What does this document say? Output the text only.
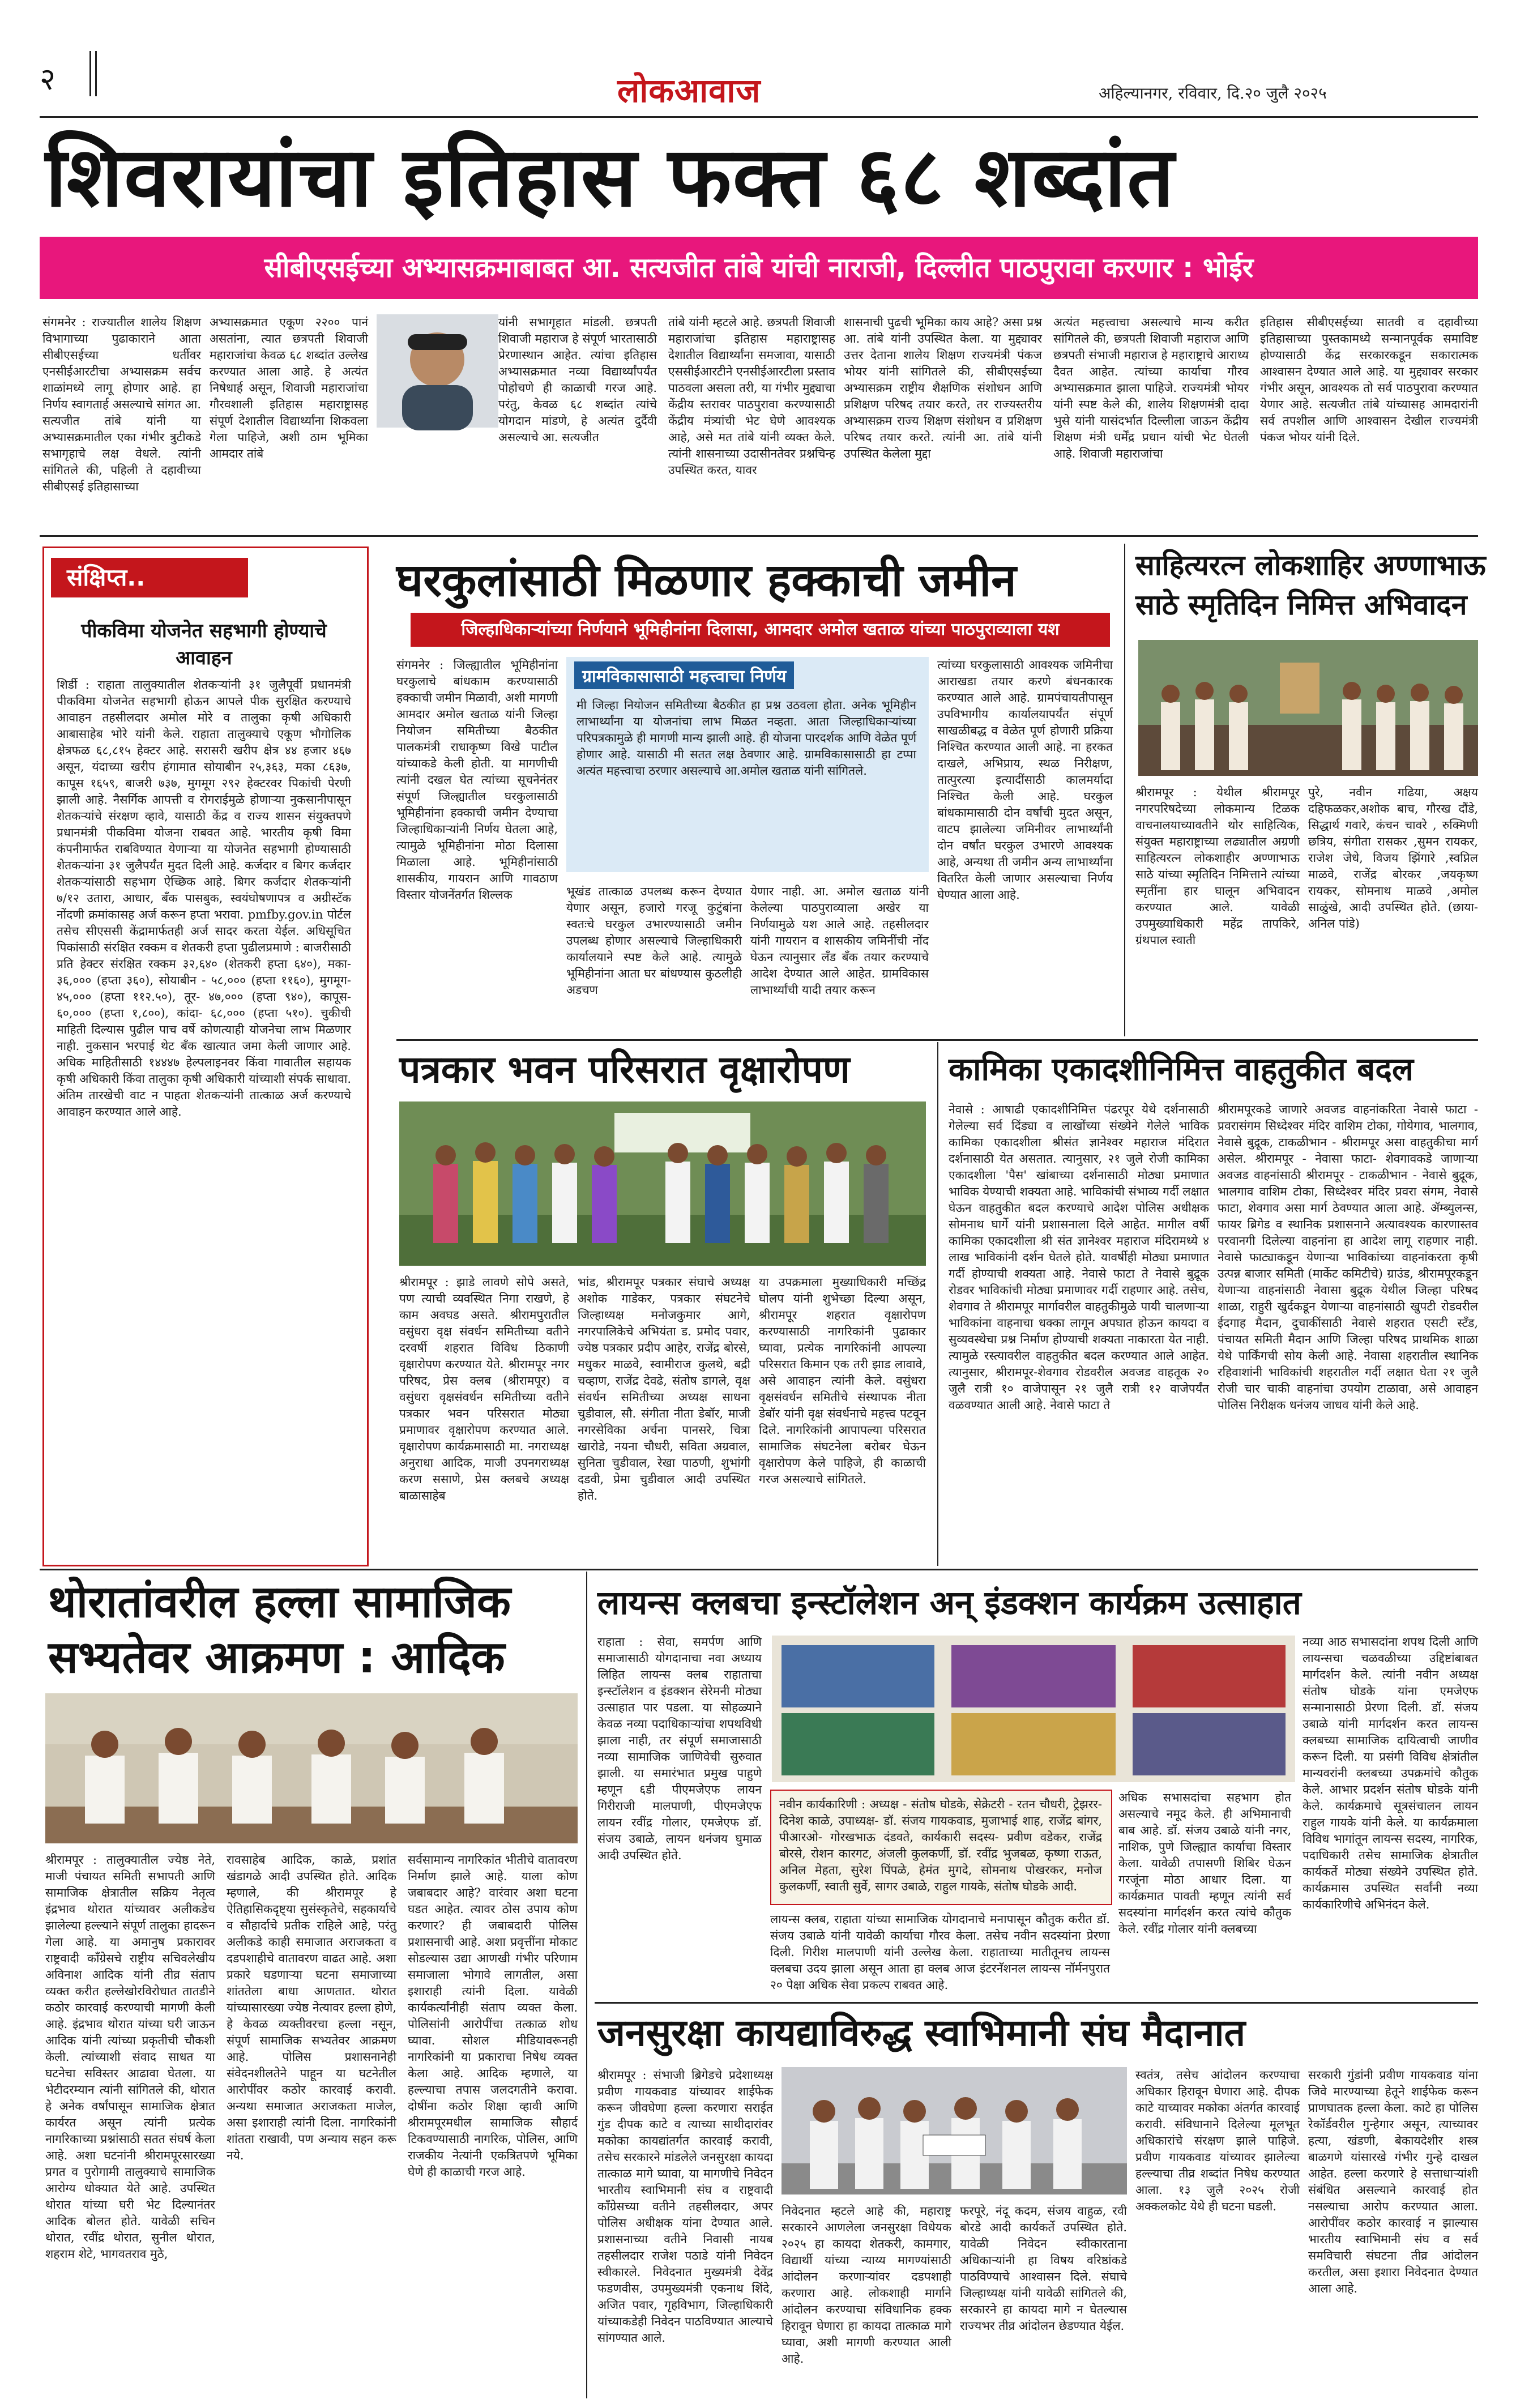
२	लोकआवाज	अहिल्यानगर, रविवार, दि.२० जुलै २०२५
शिवरायांचा इतिहास फक्त ६८ शब्दांत
सीबीएसईच्या अभ्यासक्रमाबाबत आ. सत्यजीत तांबे यांची नाराजी, दिल्लीत पाठपुरावा करणार : भोईर
संगमनेर : राज्यातील शालेय शिक्षण विभागाच्या पुढाकाराने आता सीबीएसईच्या धर्तीवर एनसीईआरटीचा अभ्यासक्रम सर्वच शाळांमध्ये लागू होणार आहे. हा निर्णय स्वागतार्ह असल्याचे सांगत आ. सत्यजीत तांबे यांनी या अभ्यासक्रमातील एका गंभीर त्रुटीकडे सभागृहाचे लक्ष वेधले. त्यांनी सांगितले की, पहिली ते दहावीच्या सीबीएसई इतिहासाच्या
अभ्यासक्रमात एकूण २२०० पानं असतांना, त्यात छत्रपती शिवाजी महाराजांचा केवळ ६८ शब्दांत उल्लेख करण्यात आला आहे. हे अत्यंत निषेधार्ह असून, शिवाजी महाराजांचा गौरवशाली इतिहास महाराष्ट्रासह संपूर्ण देशातील विद्यार्थ्यांना शिकवला गेला पाहिजे, अशी ठाम भूमिका आमदार तांबे
यांनी सभागृहात मांडली. छत्रपती शिवाजी महाराज हे संपूर्ण भारतासाठी प्रेरणास्थान आहेत. त्यांचा इतिहास अभ्यासक्रमात नव्या विद्यार्थ्यांपर्यंत पोहोचणे ही काळाची गरज आहे. परंतु, केवळ ६८ शब्दांत त्यांचे योगदान मांडणे, हे अत्यंत दुर्दैवी असल्याचे आ. सत्यजीत
तांबे यांनी म्हटले आहे. छत्रपती शिवाजी महाराजांचा इतिहास महाराष्ट्रासह देशातील विद्यार्थ्यांना समजावा, यासाठी एससीईआरटीने एनसीईआरटीला प्रस्ताव पाठवला असला तरी, या गंभीर मुद्द्याचा केंद्रीय स्तरावर पाठपुरावा करण्यासाठी केंद्रीय मंत्र्यांची भेट घेणे आवश्यक आहे, असे मत तांबे यांनी व्यक्त केले. त्यांनी शासनाच्या उदासीनतेवर प्रश्नचिन्ह उपस्थित करत, यावर
शासनाची पुढची भूमिका काय आहे? असा प्रश्न आ. तांबे यांनी उपस्थित केला. या मुद्द्यावर उत्तर देताना शालेय शिक्षण राज्यमंत्री पंकज भोयर यांनी सांगितले की, सीबीएसईच्या अभ्यासक्रम राष्ट्रीय शैक्षणिक संशोधन आणि प्रशिक्षण परिषद तयार करते, तर राज्यस्तरीय अभ्यासक्रम राज्य शिक्षण संशोधन व प्रशिक्षण परिषद तयार करते. त्यांनी आ. तांबे यांनी उपस्थित केलेला मुद्दा
अत्यंत महत्त्वाचा असल्याचे मान्य करीत सांगितले की, छत्रपती शिवाजी महाराज आणि छत्रपती संभाजी महाराज हे महाराष्ट्राचे आराध्य दैवत आहेत. त्यांच्या कार्याचा गौरव अभ्यासक्रमात झाला पाहिजे. राज्यमंत्री भोयर यांनी स्पष्ट केले की, शालेय शिक्षणमंत्री दादा भुसे यांनी यासंदर्भात दिल्लीला जाऊन केंद्रीय शिक्षण मंत्री धर्मेंद्र प्रधान यांची भेट घेतली आहे. शिवाजी महाराजांचा
इतिहास सीबीएसईच्या सातवी व दहावीच्या इतिहासाच्या पुस्तकामध्ये सन्मानपूर्वक समाविष्ट होण्यासाठी केंद्र सरकारकडून सकारात्मक आश्वासन देण्यात आले आहे. या मुद्द्यावर सरकार गंभीर असून, आवश्यक तो सर्व पाठपुरावा करण्यात येणार आहे. सत्यजीत तांबे यांच्यासह आमदारांनी सर्व तपशील आणि आश्वासन देखील राज्यमंत्री पंकज भोयर यांनी दिले.
संक्षिप्त..
पीकविमा योजनेत सहभागी होण्याचे आवाहन
शिर्डी : राहाता तालुक्यातील शेतकऱ्यांनी ३१ जुलैपूर्वी प्रधानमंत्री पीकविमा योजनेत सहभागी होऊन आपले पीक सुरक्षित करण्याचे आवाहन तहसीलदार अमोल मोरे व तालुका कृषी अधिकारी आबासाहेब भोरे यांनी केले. राहाता तालुक्याचे एकूण भौगोलिक क्षेत्रफळ ६८,८१५ हेक्टर आहे. सरासरी खरीप क्षेत्र ४४ हजार ४६७ असून, यंदाच्या खरीप हंगामात सोयाबीन २५,३६३, मका ८६३७, कापूस १६५९, बाजरी ७३७, मुगमूग २९२ हेक्टरवर पिकांची पेरणी झाली आहे. नैसर्गिक आपत्ती व रोगराईमुळे होणाऱ्या नुकसानीपासून शेतकऱ्यांचे संरक्षण व्हावे, यासाठी केंद्र व राज्य शासन संयुक्तपणे प्रधानमंत्री पीकविमा योजना राबवत आहे. भारतीय कृषी विमा कंपनीमार्फत राबविण्यात येणाऱ्या या योजनेत सहभागी होण्यासाठी शेतकऱ्यांना ३१ जुलैपर्यंत मुदत दिली आहे. कर्जदार व बिगर कर्जदार शेतकऱ्यांसाठी सहभाग ऐच्छिक आहे. बिगर कर्जदार शेतकऱ्यांनी ७/१२ उतारा, आधार, बँक पासबुक, स्वयंघोषणापत्र व अग्रीस्टॅक नोंदणी क्रमांकासह अर्ज करून हप्ता भरावा. pmfby.gov.in पोर्टल तसेच सीएससी केंद्रामार्फतही अर्ज सादर करता येईल. अधिसूचित पिकांसाठी संरक्षित रक्कम व शेतकरी हप्ता पुढीलप्रमाणे : बाजरीसाठी प्रति हेक्टर संरक्षित रक्कम ३२,६४० (शेतकरी हप्ता ६४०), मका- ३६,००० (हप्ता ३६०), सोयाबीन - ५८,००० (हप्ता ११६०), मुगमूग- ४५,००० (हप्ता ११२.५०), तूर- ४७,००० (हप्ता ९४०), कापूस- ६०,००० (हप्ता १,८००), कांदा- ६८,००० (हप्ता ५१०). चुकीची माहिती दिल्यास पुढील पाच वर्षे कोणत्याही योजनेचा लाभ मिळणार नाही. नुकसान भरपाई थेट बँक खात्यात जमा केली जाणार आहे. अधिक माहितीसाठी १४४४७ हेल्पलाइनवर किंवा गावातील सहायक कृषी अधिकारी किंवा तालुका कृषी अधिकारी यांच्याशी संपर्क साधावा. अंतिम तारखेची वाट न पाहता शेतकऱ्यांनी तात्काळ अर्ज करण्याचे आवाहन करण्यात आले आहे.
घरकुलांसाठी मिळणार हक्काची जमीन
जिल्हाधिकाऱ्यांच्या निर्णयाने भूमिहीनांना दिलासा, आमदार अमोल खताळ यांच्या पाठपुराव्याला यश
संगमनेर : जिल्ह्यातील भूमिहीनांना घरकुलाचे बांधकाम करण्यासाठी हक्काची जमीन मिळावी, अशी मागणी आमदार अमोल खताळ यांनी जिल्हा नियोजन समितीच्या बैठकीत पालकमंत्री राधाकृष्ण विखे पाटील यांच्याकडे केली होती. या मागणीची त्यांनी दखल घेत त्यांच्या सूचनेनंतर संपूर्ण जिल्ह्यातील घरकुलासाठी भूमिहीनांना हक्काची जमीन देण्याचा जिल्हाधिकाऱ्यांनी निर्णय घेतला आहे, त्यामुळे भूमिहीनांना मोठा दिलासा मिळाला आहे. भूमिहीनांसाठी शासकीय, गायरान आणि गावठाण विस्तार योजनेंतर्गत शिल्लक
ग्रामविकासासाठी महत्त्वाचा निर्णय
मी जिल्हा नियोजन समितीच्या बैठकीत हा प्रश्न उठवला होता. अनेक भूमिहीन लाभार्थ्यांना या योजनांचा लाभ मिळत नव्हता. आता जिल्हाधिकाऱ्यांच्या परिपत्रकामुळे ही मागणी मान्य झाली आहे. ही योजना पारदर्शक आणि वेळेत पूर्ण होणार आहे. यासाठी मी सतत लक्ष ठेवणार आहे. ग्रामविकासासाठी हा टप्पा अत्यंत महत्त्वाचा ठरणार असल्याचे आ.अमोल खताळ यांनी सांगितले.
भूखंड तात्काळ उपलब्ध करून देण्यात येणार असून, हजारो गरजू कुटुंबांना स्वतःचे घरकुल उभारण्यासाठी जमीन उपलब्ध होणार असल्याचे जिल्हाधिकारी कार्यालयाने स्पष्ट केले आहे. त्यामुळे भूमिहीनांना आता घर बांधण्यास कुठलीही अडचण
येणार नाही. आ. अमोल खताळ यांनी केलेल्या पाठपुराव्याला अखेर या निर्णयामुळे यश आले आहे. तहसीलदार यांनी गायरान व शासकीय जमिनींची नोंद घेऊन त्यानुसार लँड बँक तयार करण्याचे आदेश देण्यात आले आहेत. ग्रामविकास लाभार्थ्यांची यादी तयार करून
त्यांच्या घरकुलासाठी आवश्यक जमिनीचा आराखडा तयार करणे बंधनकारक करण्यात आले आहे. ग्रामपंचायतीपासून उपविभागीय कार्यालयापर्यंत संपूर्ण साखळीबद्ध व वेळेत पूर्ण होणारी प्रक्रिया निश्चित करण्यात आली आहे. ना हरकत दाखले, अभिप्राय, स्थळ निरीक्षण, तात्पुरत्या इत्यादींसाठी कालमर्यादा निश्चित केली आहे. घरकुल बांधकामासाठी दोन वर्षांची मुदत असून, वाटप झालेल्या जमिनीवर लाभार्थ्यांनी दोन वर्षांत घरकुल उभारणे आवश्यक आहे, अन्यथा ती जमीन अन्य लाभार्थ्यांना वितरित केली जाणार असल्याचा निर्णय घेण्यात आला आहे.
साहित्यरत्न लोकशाहिर अण्णाभाऊ
साठे स्मृतिदिन निमित्त अभिवादन
श्रीरामपूर : येथील श्रीरामपूर नगरपरिषदेच्या लोकमान्य टिळक वाचनालयाच्यावतीने थोर साहित्यिक, संयुक्त महाराष्ट्राच्या लढ्यातील अग्रणी साहित्यरत्न लोकशाहीर अण्णाभाऊ साठे यांच्या स्मृतिदिन निमित्ताने त्यांच्या स्मृतींना हार घालून अभिवादन करण्यात आले. यावेळी उपमुख्याधिकारी महेंद्र तापकिरे, ग्रंथपाल स्वाती
पुरे, नवीन गढिया, अक्षय दहिफळकर,अशोक बाच, गौरख दौंडे, सिद्धार्थ गवारे, कंचन चावरे , रुक्मिणी छत्रिय, संगीता रासकर ,सुमन रायकर, राजेश जेधे, विजय झिंगारे ,स्वप्निल माळवे, राजेंद्र बोरकर ,जयकृष्ण रायकर, सोमनाथ माळवे ,अमोल साळुंखे, आदी उपस्थित होते. (छाया- अनिल पांडे)
पत्रकार भवन परिसरात वृक्षारोपण
श्रीरामपूर : झाडे लावणे सोपे असते, पण त्याची व्यवस्थित निगा राखणे, हे काम अवघड असते. श्रीरामपुरातील वसुंधरा वृक्ष संवर्धन समितीच्या वतीने दरवर्षी शहरात विविध ठिकाणी वृक्षारोपण करण्यात येते. श्रीरामपूर नगर परिषद, प्रेस क्लब (श्रीरामपूर) व वसुंधरा वृक्षसंवर्धन समितीच्या वतीने पत्रकार भवन परिसरात मोठ्या प्रमाणावर वृक्षारोपण करण्यात आले. वृक्षारोपण कार्यक्रमासाठी मा. नगराध्यक्ष अनुराधा आदिक, माजी उपनगराध्यक्ष करण ससाणे, प्रेस क्लबचे अध्यक्ष बाळासाहेब
भांड, श्रीरामपूर पत्रकार संघाचे अध्यक्ष अशोक गाडेकर, पत्रकार संघटनेचे जिल्हाध्यक्ष मनोजकुमार आगे, नगरपालिकेचे अभियंता ड. प्रमोद पवार, ज्येष्ठ पत्रकार प्रदीप आहेर, राजेंद्र बोरसे, मधुकर माळवे, स्वामीराज कुलथे, बद्री चव्हाण, राजेंद्र देवढे, संतोष डागले, वृक्ष संवर्धन समितीच्या अध्यक्ष साधना चुडीवाल, सौ. संगीता नीता डेबॉर, माजी नगरसेविका अर्चना पानसरे, चित्रा खारोडे, नयना चौधरी, सविता अग्रवाल, सुनिता चुडीवाल, रेखा पाठणी, शुभांगी दडवी, प्रेमा चुडीवाल आदी उपस्थित होते.
या उपक्रमाला मुख्याधिकारी मच्छिंद्र घोलप यांनी शुभेच्छा दिल्या असून, श्रीरामपूर शहरात वृक्षारोपण करण्यासाठी नागरिकांनी पुढाकार घ्यावा, प्रत्येक नागरिकांनी आपल्या परिसरात किमान एक तरी झाड लावावे, असे आवाहन त्यांनी केले. वसुंधरा वृक्षसंवर्धन समितीचे संस्थापक नीता डेबॉर यांनी वृक्ष संवर्धनाचे महत्त्व पटवून दिले. नागरिकांनी आपापल्या परिसरात सामाजिक संघटनेला बरोबर घेऊन वृक्षारोपण केले पाहिजे, ही काळाची गरज असल्याचे सांगितले.
कामिका एकादशीनिमित्त वाहतुकीत बदल
नेवासे : आषाढी एकादशीनिमित्त पंढरपूर येथे दर्शनासाठी गेलेल्या सर्व दिंड्या व लाखोंच्या संख्येने गेलेले भाविक कामिका एकादशीला श्रीसंत ज्ञानेश्वर महाराज मंदिरात दर्शनासाठी येत असतात. त्यानुसार, २१ जुले रोजी कामिका एकादशीला 'पैस' खांबाच्या दर्शनासाठी मोठ्या प्रमाणात भाविक येण्याची शक्यता आहे. भाविकांची संभाव्य गर्दी लक्षात घेऊन वाहतुकीत बदल करण्याचे आदेश पोलिस अधीक्षक सोमनाथ घार्गे यांनी प्रशासनाला दिले आहेत. मागील वर्षी कामिका एकादशीला श्री संत ज्ञानेश्वर महाराज मंदिरामध्ये ४ लाख भाविकांनी दर्शन घेतले होते. यावर्षीही मोठ्या प्रमाणात गर्दी होण्याची शक्यता आहे. नेवासे फाटा ते नेवासे बुद्रूक रोडवर भाविकांची मोठ्या प्रमाणावर गर्दी राहणार आहे. तसेच, शेवगाव ते श्रीरामपूर मार्गावरील वाहतुकीमुळे पायी चालणाऱ्या भाविकांना वाहनाचा धक्का लागून अपघात होऊन कायदा व सुव्यवस्थेचा प्रश्न निर्माण होण्याची शक्यता नाकारता येत नाही. त्यामुळे रस्त्यावरील वाहतुकीत बदल करण्यात आले आहेत. त्यानुसार, श्रीरामपूर-शेवगाव रोडवरील अवजड वाहतूक २० जुलै रात्री १० वाजेपासून २१ जुलै रात्री १२ वाजेपर्यंत वळवण्यात आली आहे. नेवासे फाटा ते
श्रीरामपूरकडे जाणारे अवजड वाहनांकरिता नेवासे फाटा - प्रवरासंगम सिध्देश्वर मंदिर वाशिम टोका, गोयेगाव, भालगाव, नेवासे बुद्रूक, टाकळीभान - श्रीरामपूर असा वाहतुकीचा मार्ग असेल. श्रीरामपूर - नेवासा फाटा- शेवगावकडे जाणाऱ्या अवजड वाहनांसाठी श्रीरामपूर - टाकळीभान - नेवासे बुद्रूक, भालगाव वाशिम टोका, सिध्देश्वर मंदिर प्रवरा संगम, नेवासे फाटा, शेवगाव असा मार्ग ठेवण्यात आला आहे. ॲम्ब्युलन्स, फायर ब्रिगेड व स्थानिक प्रशासनाने अत्यावश्यक कारणास्तव परवानगी दिलेल्या वाहनांना हा आदेश लागू राहणार नाही. नेवासे फाट्याकडून येणाऱ्या भाविकांच्या वाहनांकरता कृषी उत्पन्न बाजार समिती (मार्केट कमिटीचे) ग्राउंड, श्रीरामपूरकडून येणाऱ्या वाहनांसाठी नेवासा बुद्रूक येथील जिल्हा परिषद शाळा, राहुरी खुर्दकडून येणाऱ्या वाहनांसाठी खुपटी रोडवरील ईदगाह मैदान, दुचाकींसाठी नेवासे शहरात एसटी स्टँड, पंचायत समिती मैदान आणि जिल्हा परिषद प्राथमिक शाळा येथे पार्किंगची सोय केली आहे. नेवासा शहरातील स्थानिक रहिवाशांनी भाविकांची शहरातील गर्दी लक्षात घेता २१ जुलै रोजी चार चाकी वाहनांचा उपयोग टाळावा, असे आवाहन पोलिस निरीक्षक धनंजय जाधव यांनी केले आहे.
थोरातांवरील हल्ला सामाजिक
सभ्यतेवर आक्रमण : आदिक
श्रीरामपूर : तालुक्यातील ज्येष्ठ नेते, माजी पंचायत समिती सभापती आणि सामाजिक क्षेत्रातील सक्रिय नेतृत्व इंद्रभाव थोरात यांच्यावर अलीकडेच झालेल्या हल्ल्याने संपूर्ण तालुका हादरून गेला आहे. या अमानुष प्रकारावर राष्ट्रवादी काँग्रेसचे राष्ट्रीय सचिवलेखीय अविनाश आदिक यांनी तीव्र संताप व्यक्त करीत हल्लेखोरविरोधात तातडीने कठोर कारवाई करण्याची मागणी केली आहे. इंद्रभाव थोरात यांच्या घरी जाऊन आदिक यांनी त्यांच्या प्रकृतीची चौकशी केली. त्यांच्याशी संवाद साधत या घटनेचा सविस्तर आढावा घेतला. या भेटीदरम्यान त्यांनी सांगितले की, थोरात हे अनेक वर्षांपासून सामाजिक क्षेत्रात कार्यरत असून त्यांनी प्रत्येक नागरिकाच्या प्रश्नांसाठी सतत संघर्ष केला आहे. अशा घटनांनी श्रीरामपूरसारख्या प्रगत व पुरोगामी तालुक्याचे सामाजिक आरोग्य धोक्यात येते आहे. उपस्थित थोरात यांच्या घरी भेट दिल्यानंतर आदिक बोलत होते. यावेळी सचिन थोरात, रवींद्र थोरात, सुनील थोरात, शहराम शेटे, भागवतराव मुठे,
रावसाहेब आदिक, काळे, प्रशांत खंडागळे आदी उपस्थित होते. आदिक म्हणाले, की श्रीरामपूर हे ऐतिहासिकदृष्ट्या सुसंस्कृतेचे, सहकार्याचे व सौहार्दाचे प्रतीक राहिले आहे, परंतु अलीकडे काही समाजात अराजकता व दडपशाहीचे वातावरण वाढत आहे. अशा प्रकारे घडणाऱ्या घटना समाजाच्या शांततेला बाधा आणतात. थोरात यांच्यासारख्या ज्येष्ठ नेत्यावर हल्ला होणे, हे केवळ व्यक्तीवरचा हल्ला नसून, संपूर्ण सामाजिक सभ्यतेवर आक्रमण आहे. पोलिस प्रशासनानेही संवेदनशीलतेने पाहून या घटनेतील आरोपींवर कठोर कारवाई करावी. अन्यथा समाजात अराजकता माजेल, असा इशाराही त्यांनी दिला. नागरिकांनी शांतता राखावी, पण अन्याय सहन करू नये.
सर्वसामान्य नागरिकांत भीतीचे वातावरण निर्माण झाले आहे. याला कोण जबाबदार आहे? वारंवार अशा घटना घडत आहेत. त्यावर ठोस उपाय कोण करणार? ही जबाबदारी पोलिस प्रशासनाची आहे. अशा प्रवृत्तींना मोकाट सोडल्यास उद्या आणखी गंभीर परिणाम समाजाला भोगावे लागतील, असा इशाराही त्यांनी दिला. यावेळी कार्यकर्त्यांनीही संताप व्यक्त केला. पोलिसांनी आरोपींचा तत्काळ शोध घ्यावा. सोशल मीडियावरूनही नागरिकांनी या प्रकाराचा निषेध व्यक्त केला आहे. आदिक म्हणाले, या हल्ल्याचा तपास जलदगतीने करावा. दोषींना कठोर शिक्षा व्हावी आणि श्रीरामपूरमधील सामाजिक सौहार्द टिकवण्यासाठी नागरिक, पोलिस, आणि राजकीय नेत्यांनी एकत्रितपणे भूमिका घेणे ही काळाची गरज आहे.
लायन्स क्लबचा इन्स्टॉलेशन अन् इंडक्शन कार्यक्रम उत्साहात
राहाता : सेवा, समर्पण आणि समाजासाठी योगदानाचा नवा अध्याय लिहित लायन्स क्लब राहाताचा इन्स्टॉलेशन व इंडक्शन सेरेमनी मोठ्या उत्साहात पार पडला. या सोहळ्याने केवळ नव्या पदाधिकाऱ्यांचा शपथविधी झाला नाही, तर संपूर्ण समाजासाठी नव्या सामाजिक जाणिवेची सुरुवात झाली. या समारंभात प्रमुख पाहुणे म्हणून ६डी पीएमजेएफ लायन गिरीराजी मालपाणी, पीएमजेएफ लायन रवींद्र गोलार, एमजेएफ डॉ. संजय उबाळे, लायन धनंजय घुमाळ आदी उपस्थित होते.
नवीन कार्यकारिणी : अध्यक्ष - संतोष घोडके, सेक्रेटरी - रतन चौधरी, ट्रेझरर- दिनेश काळे, उपाध्यक्ष- डॉ. संजय गायकवाड, मुजाभाई शाह, राजेंद्र बांगर, पीआरओ- गोरखभाऊ दंडवते, कार्यकारी सदस्य- प्रवीण वडेकर, राजेंद्र बोरसे, रोशन कारगट, अंजली कुलकर्णी, डॉ. रवींद्र भुजबळ, कृष्णा राऊत, अनिल मेहता, सुरेश पिंपळे, हेमंत मुगदे, सोमनाथ पोखरकर, मनोज कुलकर्णी, स्वाती सुर्वे, सागर उबाळे, राहुल गायके, संतोष घोडके आदी.
लायन्स क्लब, राहाता यांच्या सामाजिक योगदानाचे मनापासून कौतुक करीत डॉ. संजय उबाळे यांनी यावेळी कार्याचा गौरव केला. तसेच नवीन सदस्यांना प्रेरणा दिली. गिरीश मालपाणी यांनी उल्लेख केला. राहाताच्या मातीतूनच लायन्स क्लबचा उदय झाला असून आता हा क्लब आज इंटरनॅशनल लायन्स नॉर्मनपुरात २० पेक्षा अधिक सेवा प्रकल्प राबवत आहे.
अधिक सभासदांचा सहभाग होत असल्याचे नमूद केले. ही अभिमानाची बाब आहे. डॉ. संजय उबाळे यांनी नगर, नाशिक, पुणे जिल्ह्यात कार्याचा विस्तार केला. यावेळी तपासणी शिबिर घेऊन गरजूंना मोठा आधार दिला. या कार्यक्रमात पावती म्हणून त्यांनी सर्व सदस्यांना मार्गदर्शन करत त्यांचे कौतुक केले. रवींद्र गोलार यांनी क्लबच्या
नव्या आठ सभासदांना शपथ दिली आणि लायन्सचा चळवळीच्या उद्दिष्टांबाबत मार्गदर्शन केले. त्यांनी नवीन अध्यक्ष संतोष घोडके यांना एमजेएफ सन्मानासाठी प्रेरणा दिली. डॉ. संजय उबाळे यांनी मार्गदर्शन करत लायन्स क्लबच्या सामाजिक दायित्वाची जाणीव करून दिली. या प्रसंगी विविध क्षेत्रांतील मान्यवरांनी क्लबच्या उपक्रमांचे कौतुक केले. आभार प्रदर्शन संतोष घोडके यांनी केले. कार्यक्रमाचे सूत्रसंचालन लायन राहुल गायके यांनी केले. या कार्यक्रमाला विविध भागांतून लायन्स सदस्य, नागरिक, पदाधिकारी तसेच सामाजिक क्षेत्रातील कार्यकर्ते मोठ्या संख्येने उपस्थित होते. कार्यक्रमास उपस्थित सर्वांनी नव्या कार्यकारिणीचे अभिनंदन केले.
जनसुरक्षा कायद्याविरुद्ध स्वाभिमानी संघ मैदानात
श्रीरामपूर : संभाजी ब्रिगेडचे प्रदेशाध्यक्ष प्रवीण गायकवाड यांच्यावर शाईफेक करून जीवघेणा हल्ला करणारा सराईत गुंड दीपक काटे व त्याच्या साथीदारांवर मकोका कायद्यांतर्गत कारवाई करावी, तसेच सरकारने मांडलेले जनसुरक्षा कायदा तात्काळ मागे घ्यावा, या मागणीचे निवेदन भारतीय स्वाभिमानी संघ व राष्ट्रवादी काँग्रेसच्या वतीने तहसीलदार, अपर पोलिस अधीक्षक यांना देण्यात आले. प्रशासनाच्या वतीने निवासी नायब तहसीलदार राजेश पठाडे यांनी निवेदन स्वीकारले. निवेदनात मुख्यमंत्री देवेंद्र फडणवीस, उपमुख्यमंत्री एकनाथ शिंदे, अजित पवार, गृहविभाग, जिल्हाधिकारी यांच्याकडेही निवेदन पाठविण्यात आल्याचे सांगण्यात आले.
निवेदनात म्हटले आहे की, महाराष्ट्र सरकारने आणलेला जनसुरक्षा विधेयक २०२५ हा कायदा शेतकरी, कामगार, विद्यार्थी यांच्या न्याय्य मागण्यांसाठी आंदोलन करणाऱ्यांवर दडपशाही करणारा आहे. लोकशाही मार्गाने आंदोलन करण्याचा संविधानिक हक्क हिरावून घेणारा हा कायदा तात्काळ मागे घ्यावा, अशी मागणी करण्यात आली आहे.
फरपूरे, नंदू कदम, संजय वाहुळ, रवी बोरडे आदी कार्यकर्ते उपस्थित होते. यावेळी निवेदन स्वीकारताना अधिकाऱ्यांनी हा विषय वरिष्ठांकडे पाठविण्याचे आश्वासन दिले. संघाचे जिल्हाध्यक्ष यांनी यावेळी सांगितले की, सरकारने हा कायदा मागे न घेतल्यास राज्यभर तीव्र आंदोलन छेडण्यात येईल.
स्वतंत्र, तसेच आंदोलन करण्याचा अधिकार हिरावून घेणारा आहे. दीपक काटे याच्यावर मकोका अंतर्गत कारवाई करावी. संविधानाने दिलेल्या मूलभूत अधिकारांचे संरक्षण झाले पाहिजे. प्रवीण गायकवाड यांच्यावर झालेल्या हल्ल्याचा तीव्र शब्दांत निषेध करण्यात आला. १३ जुलै २०२५ रोजी अक्कलकोट येथे ही घटना घडली.
सरकारी गुंडांनी प्रवीण गायकवाड यांना जिवे मारण्याच्या हेतूने शाईफेक करून प्राणघातक हल्ला केला. काटे हा पोलिस रेकॉर्डवरील गुन्हेगार असून, त्याच्यावर हत्या, खंडणी, बेकायदेशीर शस्त्र बाळगणे यांसारखे गंभीर गुन्हे दाखल आहेत. हल्ला करणारे हे सत्ताधाऱ्यांशी संबंधित असल्याने कारवाई होत नसल्याचा आरोप करण्यात आला. आरोपींवर कठोर कारवाई न झाल्यास भारतीय स्वाभिमानी संघ व सर्व समविचारी संघटना तीव्र आंदोलन करतील, असा इशारा निवेदनात देण्यात आला आहे.
